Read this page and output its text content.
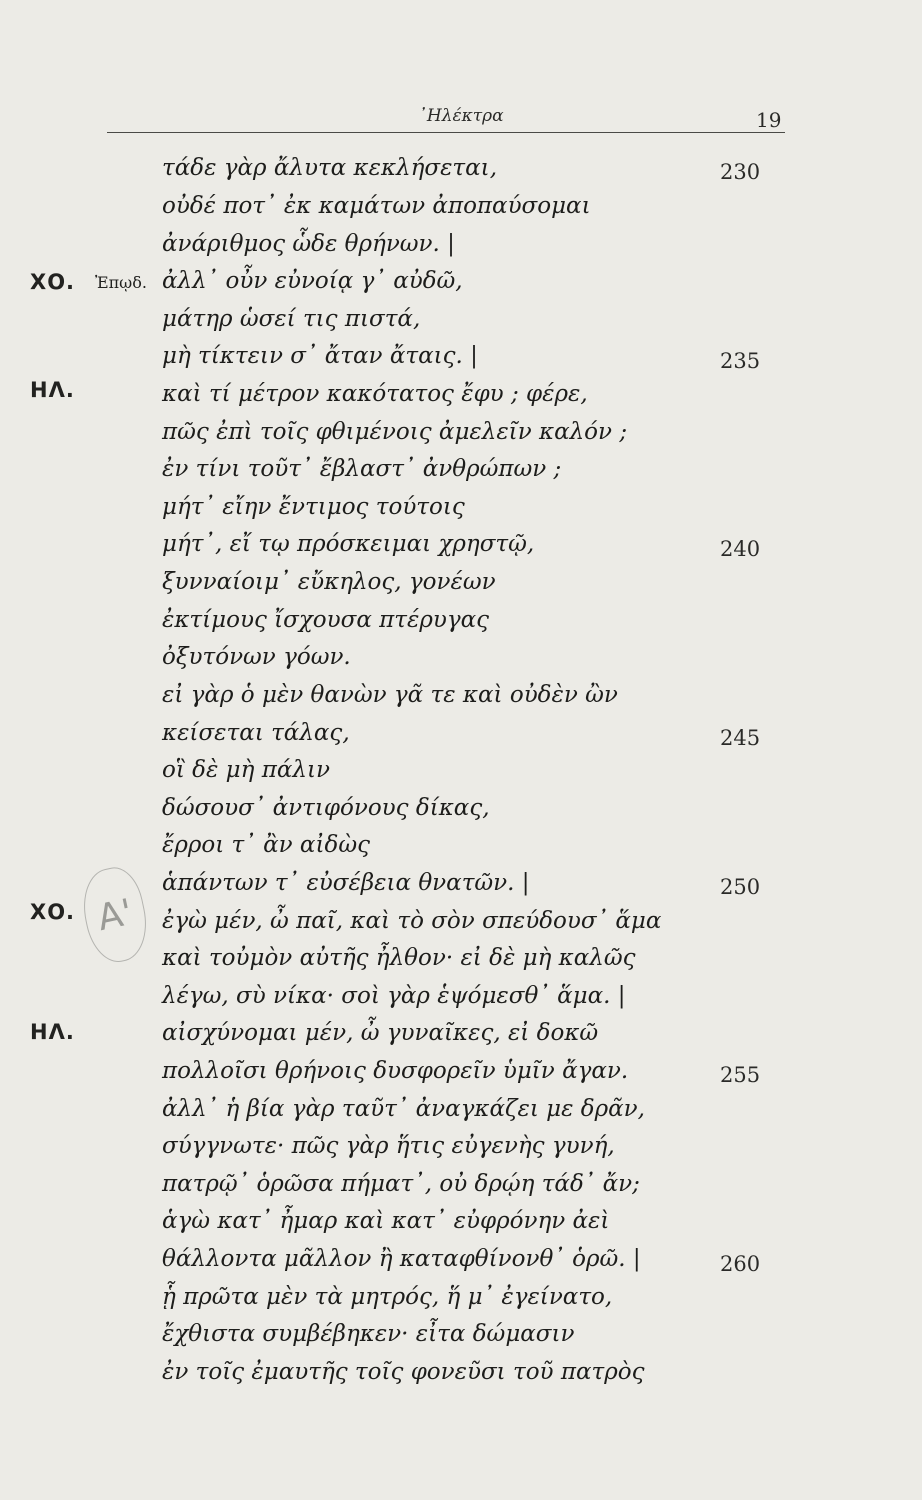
᾿Ηλέκτρα	19
ΧΟ. Ἐπῳδ.
ΗΛ.
ΧΟ.
ΗΛ.
A'
τάδε γὰρ ἄλυτα κεκλήσεται,
οὐδέ ποτ᾽ ἐκ καμάτων ἀποπαύσομαι
ἀνάριθμος ὧδε θρήνων. |
ἀλλ᾽ οὖν εὐνοίᾳ γ᾽ αὐδῶ,
μάτηρ ὡσεί τις πιστά,
μὴ τίκτειν σ᾽ ἄταν ἄταις. |
καὶ τί μέτρον κακότατος ἔφυ ; φέρε,
πῶς ἐπὶ τοῖς φθιμένοις ἀμελεῖν καλόν ;
ἐν τίνι τοῦτ᾽ ἔβλαστ᾽ ἀνθρώπων ;
μήτ᾽ εἴην ἔντιμος τούτοις
μήτ᾽, εἴ τῳ πρόσκειμαι χρηστῷ,
ξυνναίοιμ᾽ εὔκηλος, γονέων
ἐκτίμους ἴσχουσα πτέρυγας
ὀξυτόνων γόων.
εἰ γὰρ ὁ μὲν θανὼν γᾶ τε καὶ οὐδὲν ὢν
κείσεται τάλας,
οἳ δὲ μὴ πάλιν
δώσουσ᾽ ἀντιφόνους δίκας,
ἔρροι τ᾽ ἂν αἰδὼς
ἁπάντων τ᾽ εὐσέβεια θνατῶν. |
ἐγὼ μέν, ὦ παῖ, καὶ τὸ σὸν σπεύδουσ᾽ ἅμα
καὶ τοὐμὸν αὐτῆς ἦλθον· εἰ δὲ μὴ καλῶς
λέγω, σὺ νίκα· σοὶ γὰρ ἑψόμεσθ᾽ ἅμα. |
αἰσχύνομαι μέν, ὦ γυναῖκες, εἰ δοκῶ
πολλοῖσι θρήνοις δυσφορεῖν ὑμῖν ἄγαν.
ἀλλ᾽ ἡ βία γὰρ ταῦτ᾽ ἀναγκάζει με δρᾶν,
σύγγνωτε· πῶς γὰρ ἥτις εὐγενὴς γυνή,
πατρῷ᾽ ὁρῶσα πήματ᾽, οὐ δρῴη τάδ᾽ ἄν;
ἁγὼ κατ᾽ ἦμαρ καὶ κατ᾽ εὐφρόνην ἀεὶ
θάλλοντα μᾶλλον ἢ καταφθίνονθ᾽ ὁρῶ. |
ᾗ πρῶτα μὲν τὰ μητρός, ἥ μ᾽ ἐγείνατο,
ἔχθιστα συμβέβηκεν· εἶτα δώμασιν
ἐν τοῖς ἐμαυτῆς τοῖς φονεῦσι τοῦ πατρὸς
230
235
240
245
250
255
260
